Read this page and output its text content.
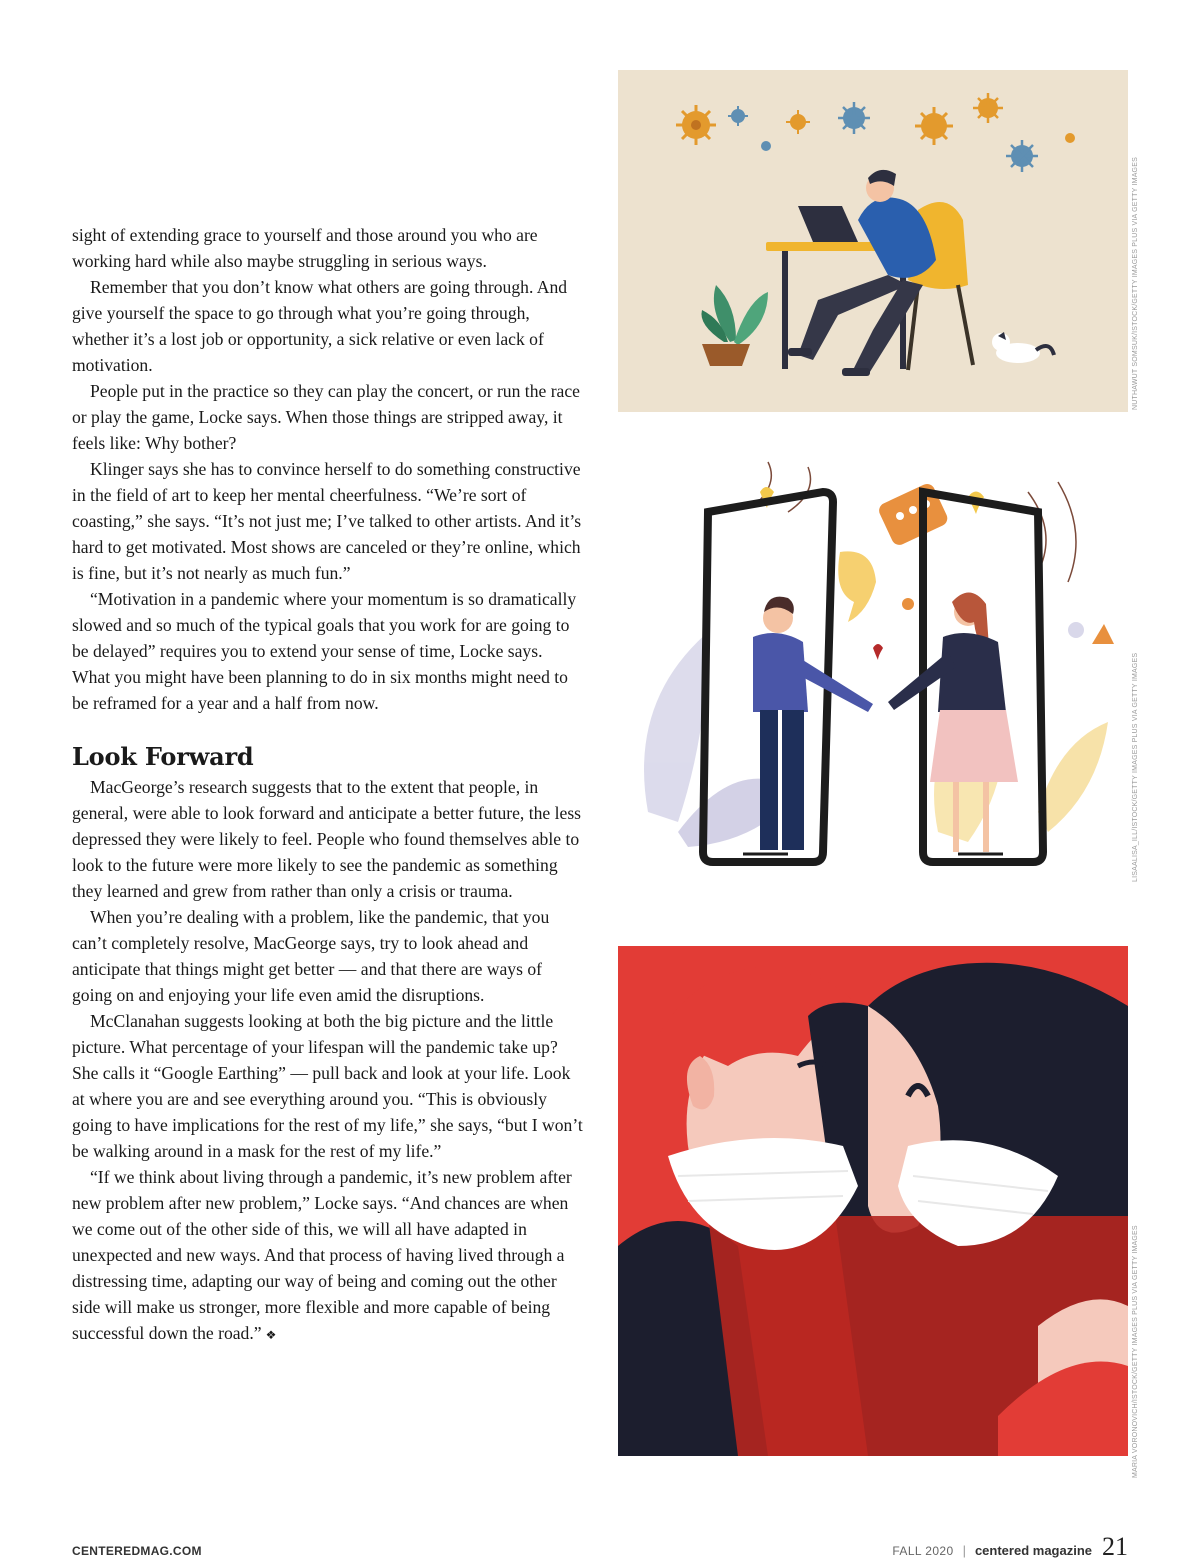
sight of extending grace to yourself and those around you who are working hard while also maybe struggling in serious ways.

Remember that you don’t know what others are going through. And give yourself the space to go through what you’re going through, whether it’s a lost job or opportunity, a sick relative or even lack of motivation.

People put in the practice so they can play the concert, or run the race or play the game, Locke says. When those things are stripped away, it feels like: Why bother?

Klinger says she has to convince herself to do something constructive in the field of art to keep her mental cheerfulness. “We’re sort of coasting,” she says. “It’s not just me; I’ve talked to other artists. And it’s hard to get motivated. Most shows are canceled or they’re online, which is fine, but it’s not nearly as much fun.”

“Motivation in a pandemic where your momentum is so dramatically slowed and so much of the typical goals that you work for are going to be delayed” requires you to extend your sense of time, Locke says. What you might have been planning to do in six months might need to be reframed for a year and a half from now.

Look Forward

MacGeorge’s research suggests that to the extent that people, in general, were able to look forward and anticipate a better future, the less depressed they were likely to feel. People who found themselves able to look to the future were more likely to see the pandemic as something they learned and grew from rather than only a crisis or trauma.

When you’re dealing with a problem, like the pandemic, that you can’t completely resolve, MacGeorge says, try to look ahead and anticipate that things might get better — and that there are ways of going on and enjoying your life even amid the disruptions.

McClanahan suggests looking at both the big picture and the little picture. What percentage of your lifespan will the pandemic take up? She calls it “Google Earthing” — pull back and look at your life. Look at where you are and see everything around you. “This is obviously going to have implications for the rest of my life,” she says, “but I won’t be walking around in a mask for the rest of my life.”

“If we think about living through a pandemic, it’s new problem after new problem after new problem,” Locke says. “And chances are when we come out of the other side of this, we will all have adapted in unexpected and new ways. And that process of having lived through a distressing time, adapting our way of being and coming out the other side will make us stronger, more flexible and more capable of being successful down the road.” ❖

NUTHAWUT SOMSUK/ISTOCK/GETTY IMAGES PLUS VIA GETTY IMAGES
LISAALISA_ILL/ISTOCK/GETTY IMAGES PLUS VIA GETTY IMAGES
MARIA VORONOVICH/ISTOCK/GETTY IMAGES PLUS VIA GETTY IMAGES
CENTEREDMAG.COM	FALL 2020 | centered magazine 21
